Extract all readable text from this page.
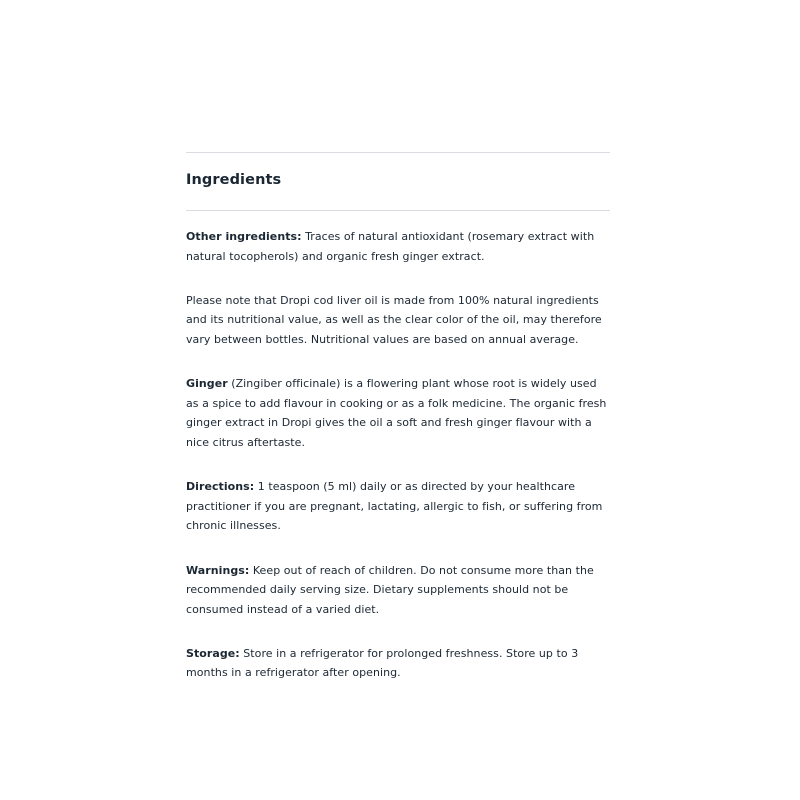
Ingredients

Other ingredients: Traces of natural antioxidant (rosemary extract with natural tocopherols) and organic fresh ginger extract.

Please note that Dropi cod liver oil is made from 100% natural ingredients and its nutritional value, as well as the clear color of the oil, may therefore vary between bottles. Nutritional values are based on annual average.

Ginger (Zingiber officinale) is a flowering plant whose root is widely used as a spice to add flavour in cooking or as a folk medicine. The organic fresh ginger extract in Dropi gives the oil a soft and fresh ginger flavour with a nice citrus aftertaste.

Directions: 1 teaspoon (5 ml) daily or as directed by your healthcare practitioner if you are pregnant, lactating, allergic to fish, or suffering from chronic illnesses.

Warnings: Keep out of reach of children. Do not consume more than the recommended daily serving size. Dietary supplements should not be consumed instead of a varied diet.

Storage: Store in a refrigerator for prolonged freshness. Store up to 3 months in a refrigerator after opening.
